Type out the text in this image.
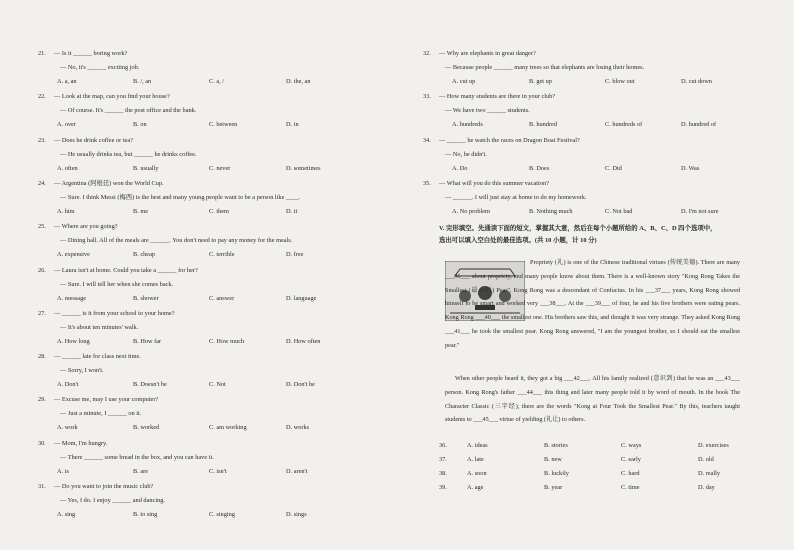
21. — Is it ______ boring work?
— No, it's ______ exciting job.
A. a, an	B. /, an	C. a, /	D. the, an
22. — Look at the map, can you find your house?
— Of course. It's ______ the post office and the bank.
A. over	B. on	C. between	D. in
23. — Does he drink coffee or tea?
— He usually drinks tea, but ______ he drinks coffee.
A. often	B. usually	C. never	D. sometimes
24. — Argentina (阿根廷) won the World Cup.
— Sure. I think Messi (梅西) is the best and many young people want to be a person like ____.
A. him	B. me	C. them	D. it
25. — Where are you going?
— Dining hall. All of the meals are ______. You don't need to pay any money for the meals.
A. expensive	B. cheap	C. terrible	D. free
26. — Laura isn't at home. Could you take a ______ for her?
— Sure. I will tell her when she comes back.
A. message	B. shower	C. answer	D. language
27. — ______ is it from your school to your home?
— It's about ten minutes' walk.
A. How long	B. How far	C. How much	D. How often
28. — ______ late for class next time.
— Sorry, I won't.
A. Don't	B. Doesn't be	C. Not	D. Don't be
29. — Excuse me, may I use your computer?
— Just a minute, I ______ on it.
A. work	B. worked	C. am working	D. works
30. — Mom, I'm hungry.
— There ______ some bread in the box, and you can have it.
A. is	B. are	C. isn't	D. aren't
31. — Do you want to join the music club?
— Yes, I do. I enjoy ______ and dancing.
A. sing	B. to sing	C. singing	D. sings
32. — Why are elephants in great danger?
— Because people ______ many trees so that elephants are losing their homes.
A. cut up	B. get up	C. blow out	D. cut down
33. — How many students are there in your club?
— We have two ______ students.
A. hundreds	B. hundred	C. hundreds of	D. hundred of
34. — ______ he watch the races on Dragon Boat Festival?
— No, he didn't.
A. Do	B. Does	C. Did	D. Was
35. — What will you do this summer vacation?
— ______. I will just stay at home to do my homework.
A. No problem	B. Nothing much	C. Not bad	D. I'm not sure
V. 完形填空。先通读下面的短文，掌握其大意，然后在每个小题所给的 A、B、C、D 四个选项中，
选出可以填入空白处的最佳选项。(共 10 小题，计 10 分)
Propriety (礼) is one of the Chinese traditional virtues (传统美德). There are many ___36___ about propriety, and many people know about them. There is a well-known story "Kong Rong Takes the Smallest (最小的) Pear". Kong Rong was a descendant of Confucius. In his ___37___ years, Kong Rong showed himself to be smart and worked very ___38___. At the ___39___ of four, he and his five brothers were eating pears. Kong Rong ___40___ the smallest one. His brothers saw this, and thought it was very strange. They asked Kong Rong ___41___ he took the smallest pear. Kong Rong answered, "I am the youngest brother, so I should eat the smallest pear."
When other people heard it, they got a big ___42___. All his family realized (意识到) that he was an ___43___ person. Kong Rong's father ___44___ this thing and later many people told it by word of mouth. In the book The Character Classic (三字经), there are the words "Kong at Four Took the Smallest Pear." By this, teachers taught students to ___45___ virtue of yielding (礼让) to others.
36.	A. ideas	B. stories	C. ways	D. exercises
37.	A. late	B. new	C. early	D. old
38.	A. soon	B. luckily	C. hard	D. really
39.	A. age	B. year	C. time	D. day
